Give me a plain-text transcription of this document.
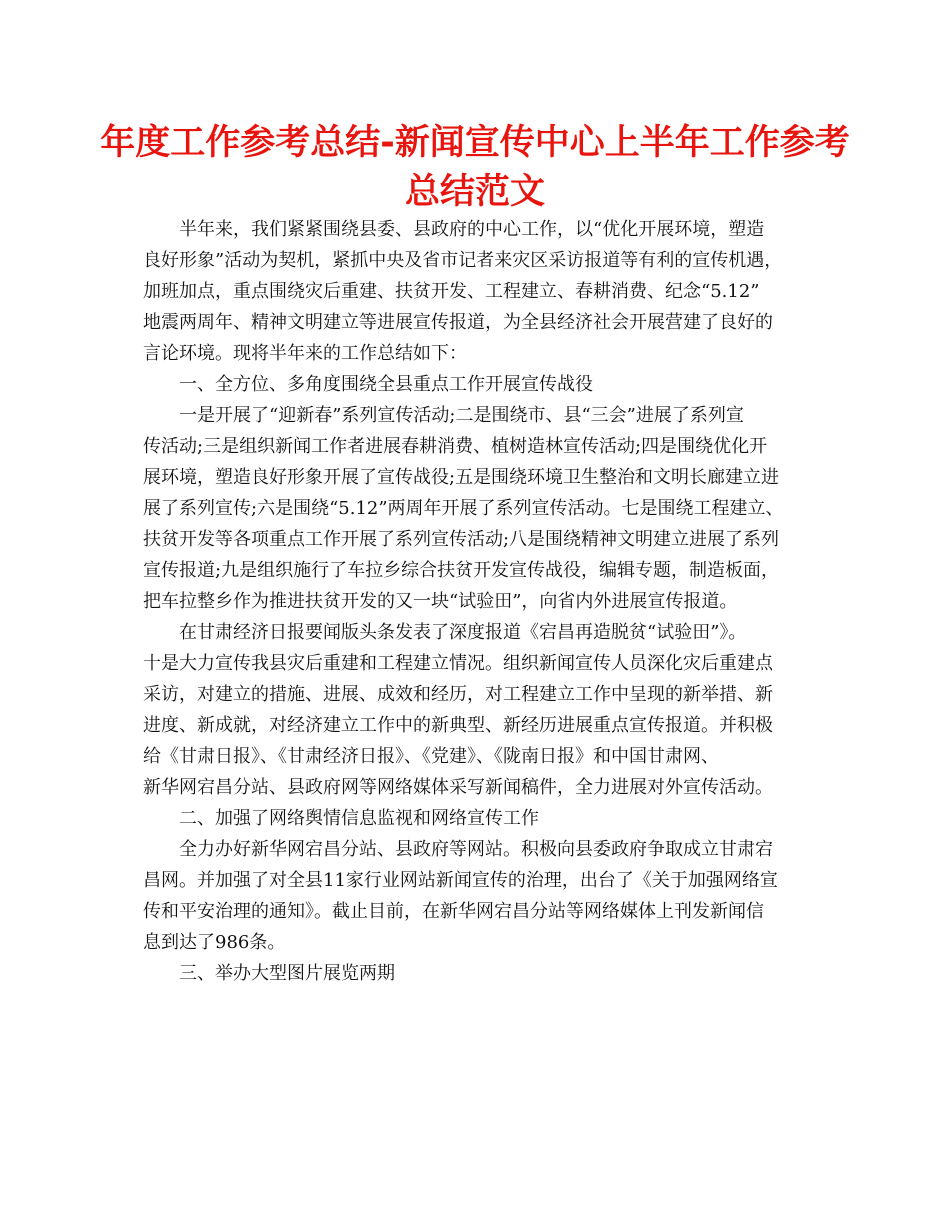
年度工作参考总结-新闻宣传中心上半年工作参考
总结范文
半年来，我们紧紧围绕县委、县政府的中心工作，以“优化开展环境，塑造
良好形象”活动为契机，紧抓中央及省市记者来灾区采访报道等有利的宣传机遇，
加班加点，重点围绕灾后重建、扶贫开发、工程建立、春耕消费、纪念“5.12”
地震两周年、精神文明建立等进展宣传报道，为全县经济社会开展营建了良好的
言论环境。现将半年来的工作总结如下：
一、全方位、多角度围绕全县重点工作开展宣传战役
一是开展了“迎新春”系列宣传活动;二是围绕市、县“三会”进展了系列宣
传活动;三是组织新闻工作者进展春耕消费、植树造林宣传活动;四是围绕优化开
展环境，塑造良好形象开展了宣传战役;五是围绕环境卫生整治和文明长廊建立进
展了系列宣传;六是围绕“5.12”两周年开展了系列宣传活动。七是围绕工程建立、
扶贫开发等各项重点工作开展了系列宣传活动;八是围绕精神文明建立进展了系列
宣传报道;九是组织施行了车拉乡综合扶贫开发宣传战役，编辑专题，制造板面，
把车拉整乡作为推进扶贫开发的又一块“试验田”，向省内外进展宣传报道。
在甘肃经济日报要闻版头条发表了深度报道《宕昌再造脱贫“试验田”》。
十是大力宣传我县灾后重建和工程建立情况。组织新闻宣传人员深化灾后重建点
采访，对建立的措施、进展、成效和经历，对工程建立工作中呈现的新举措、新
进度、新成就，对经济建立工作中的新典型、新经历进展重点宣传报道。并积极
给《甘肃日报》、《甘肃经济日报》、《党建》、《陇南日报》和中国甘肃网、
新华网宕昌分站、县政府网等网络媒体采写新闻稿件，全力进展对外宣传活动。
二、加强了网络舆情信息监视和网络宣传工作
全力办好新华网宕昌分站、县政府等网站。积极向县委政府争取成立甘肃宕
昌网。并加强了对全县11家行业网站新闻宣传的治理，出台了《关于加强网络宣
传和平安治理的通知》。截止目前，在新华网宕昌分站等网络媒体上刊发新闻信
息到达了986条。
三、举办大型图片展览两期
